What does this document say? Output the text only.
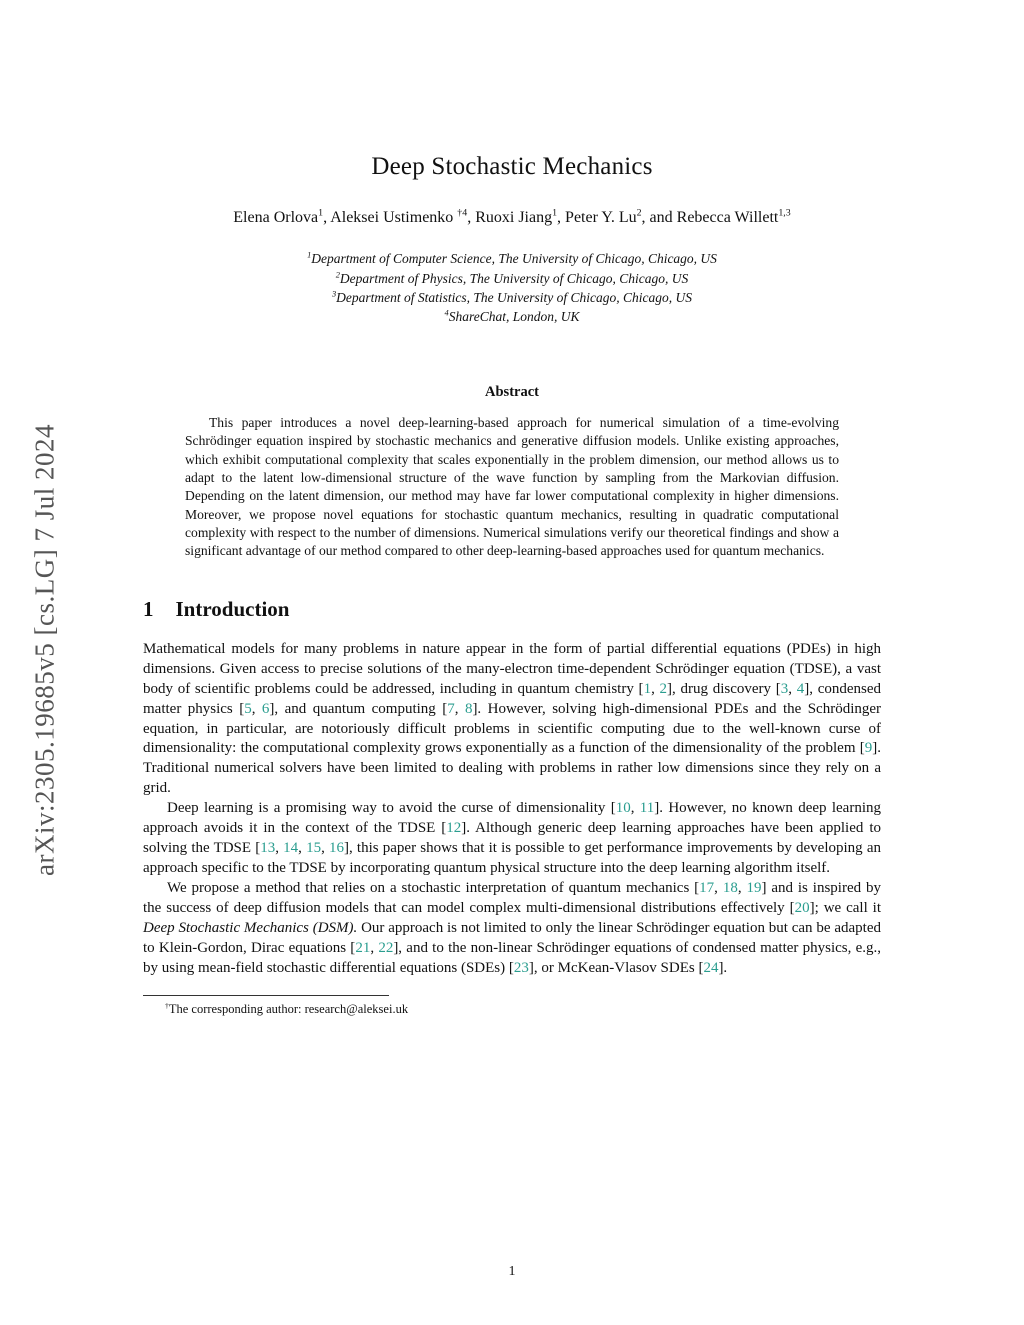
arXiv:2305.19685v5 [cs.LG] 7 Jul 2024
Deep Stochastic Mechanics
Elena Orlova$^1$, Aleksei Ustimenko $^{\dagger 4}$, Ruoxi Jiang$^1$, Peter Y. Lu$^2$, and Rebecca Willett$^{1,3}$
$^1$Department of Computer Science, The University of Chicago, Chicago, US
$^2$Department of Physics, The University of Chicago, Chicago, US
$^3$Department of Statistics, The University of Chicago, Chicago, US
$^4$ShareChat, London, UK
Abstract

This paper introduces a novel deep-learning-based approach for numerical simulation of a time-evolving Schrödinger equation inspired by stochastic mechanics and generative diffusion models. Unlike existing approaches, which exhibit computational complexity that scales exponentially in the problem dimension, our method allows us to adapt to the latent low-dimensional structure of the wave function by sampling from the Markovian diffusion. Depending on the latent dimension, our method may have far lower computational complexity in higher dimensions. Moreover, we propose novel equations for stochastic quantum mechanics, resulting in quadratic computational complexity with respect to the number of dimensions. Numerical simulations verify our theoretical findings and show a significant advantage of our method compared to other deep-learning-based approaches used for quantum mechanics.

1 Introduction

Mathematical models for many problems in nature appear in the form of partial differential equations (PDEs) in high dimensions. Given access to precise solutions of the many-electron time-dependent Schrödinger equation (TDSE), a vast body of scientific problems could be addressed, including in quantum chemistry [1, 2], drug discovery [3, 4], condensed matter physics [5, 6], and quantum computing [7, 8]. However, solving high-dimensional PDEs and the Schrödinger equation, in particular, are notoriously difficult problems in scientific computing due to the well-known curse of dimensionality: the computational complexity grows exponentially as a function of the dimensionality of the problem [9]. Traditional numerical solvers have been limited to dealing with problems in rather low dimensions since they rely on a grid.

Deep learning is a promising way to avoid the curse of dimensionality [10, 11]. However, no known deep learning approach avoids it in the context of the TDSE [12]. Although generic deep learning approaches have been applied to solving the TDSE [13, 14, 15, 16], this paper shows that it is possible to get performance improvements by developing an approach specific to the TDSE by incorporating quantum physical structure into the deep learning algorithm itself.

We propose a method that relies on a stochastic interpretation of quantum mechanics [17, 18, 19] and is inspired by the success of deep diffusion models that can model complex multi-dimensional distributions effectively [20]; we call it Deep Stochastic Mechanics (DSM). Our approach is not limited to only the linear Schrödinger equation but can be adapted to Klein-Gordon, Dirac equations [21, 22], and to the non-linear Schrödinger equations of condensed matter physics, e.g., by using mean-field stochastic differential equations (SDEs) [23], or McKean-Vlasov SDEs [24].

†The corresponding author: research@aleksei.uk
1
